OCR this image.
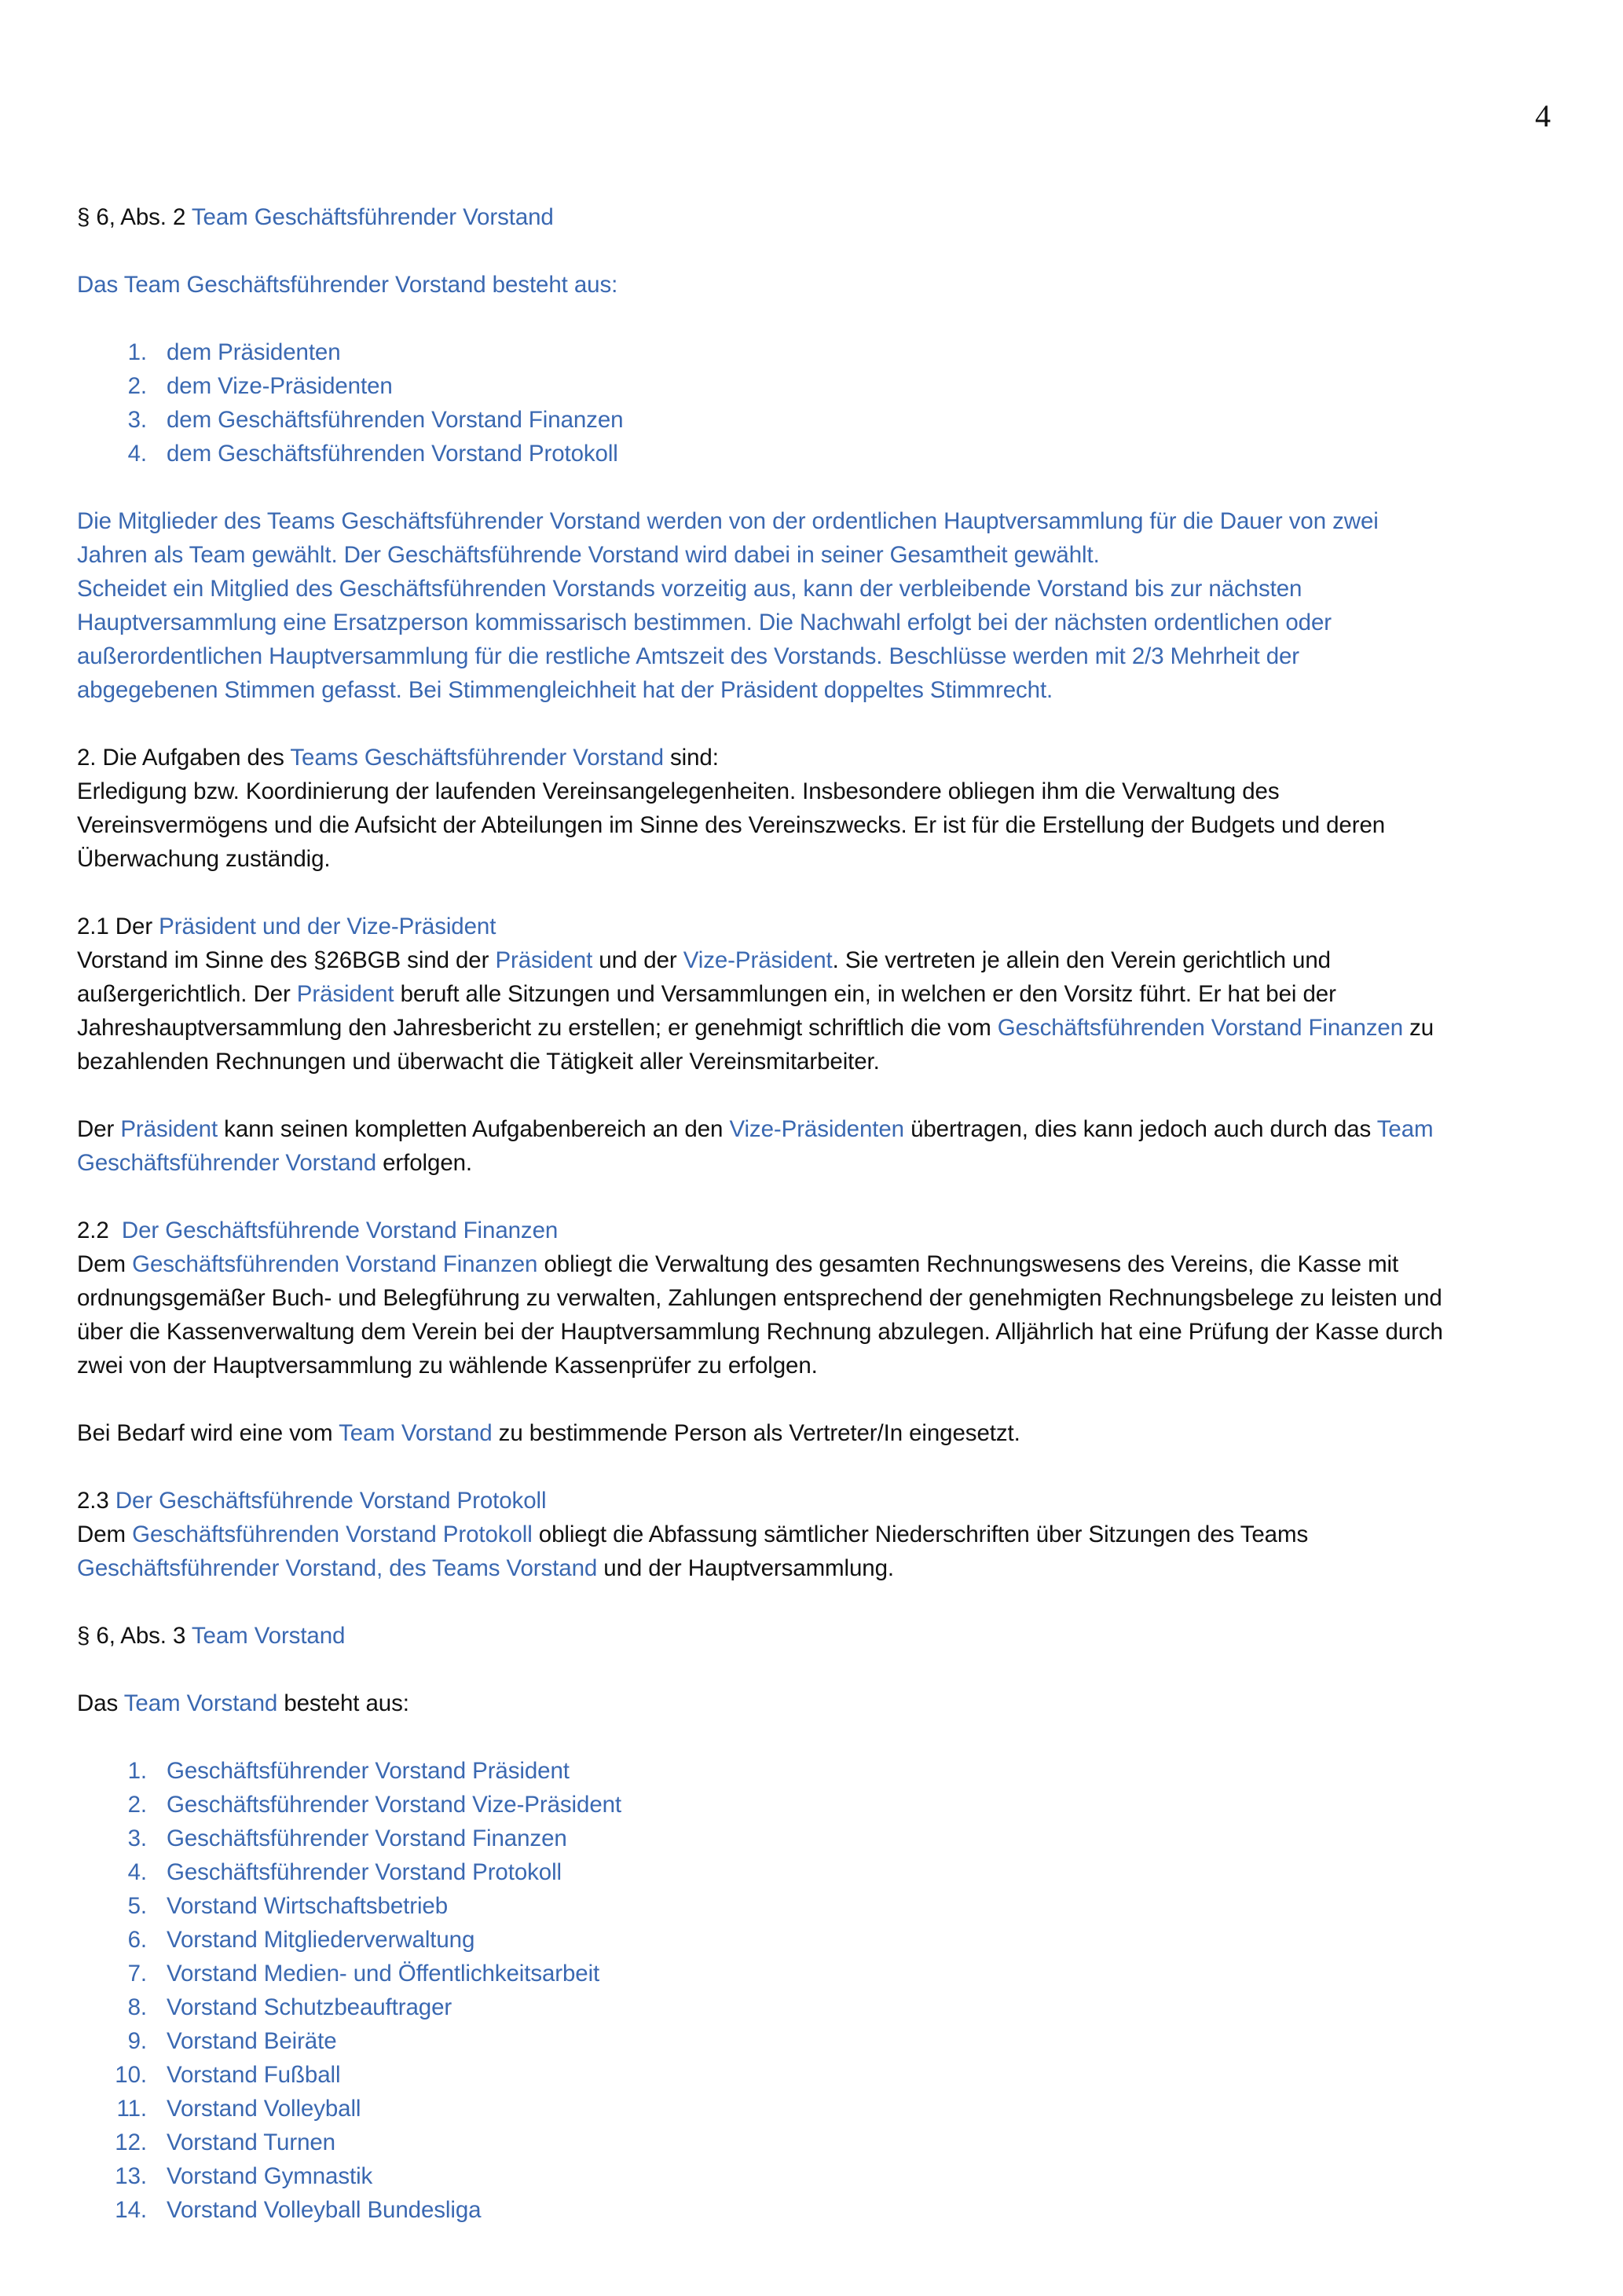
4

§ 6, Abs. 2 Team Geschäftsführender Vorstand

Das Team Geschäftsführender Vorstand besteht aus:

1. dem Präsidenten
2. dem Vize-Präsidenten
3. dem Geschäftsführenden Vorstand Finanzen
4. dem Geschäftsführenden Vorstand Protokoll

Die Mitglieder des Teams Geschäftsführender Vorstand werden von der ordentlichen Hauptversammlung für die Dauer von zwei
Jahren als Team gewählt. Der Geschäftsführende Vorstand wird dabei in seiner Gesamtheit gewählt.
Scheidet ein Mitglied des Geschäftsführenden Vorstands vorzeitig aus, kann der verbleibende Vorstand bis zur nächsten
Hauptversammlung eine Ersatzperson kommissarisch bestimmen. Die Nachwahl erfolgt bei der nächsten ordentlichen oder
außerordentlichen Hauptversammlung für die restliche Amtszeit des Vorstands. Beschlüsse werden mit 2/3 Mehrheit der
abgegebenen Stimmen gefasst. Bei Stimmengleichheit hat der Präsident doppeltes Stimmrecht.

2. Die Aufgaben des Teams Geschäftsführender Vorstand sind:
Erledigung bzw. Koordinierung der laufenden Vereinsangelegenheiten. Insbesondere obliegen ihm die Verwaltung des
Vereinsvermögens und die Aufsicht der Abteilungen im Sinne des Vereinszwecks. Er ist für die Erstellung der Budgets und deren
Überwachung zuständig.

2.1 Der Präsident und der Vize-Präsident
Vorstand im Sinne des §26BGB sind der Präsident und der Vize-Präsident. Sie vertreten je allein den Verein gerichtlich und
außergerichtlich. Der Präsident beruft alle Sitzungen und Versammlungen ein, in welchen er den Vorsitz führt. Er hat bei der
Jahreshauptversammlung den Jahresbericht zu erstellen; er genehmigt schriftlich die vom Geschäftsführenden Vorstand Finanzen zu
bezahlenden Rechnungen und überwacht die Tätigkeit aller Vereinsmitarbeiter.

Der Präsident kann seinen kompletten Aufgabenbereich an den Vize-Präsidenten übertragen, dies kann jedoch auch durch das Team
Geschäftsführender Vorstand erfolgen.

2.2  Der Geschäftsführende Vorstand Finanzen
Dem Geschäftsführenden Vorstand Finanzen obliegt die Verwaltung des gesamten Rechnungswesens des Vereins, die Kasse mit
ordnungsgemäßer Buch- und Belegführung zu verwalten, Zahlungen entsprechend der genehmigten Rechnungsbelege zu leisten und
über die Kassenverwaltung dem Verein bei der Hauptversammlung Rechnung abzulegen. Alljährlich hat eine Prüfung der Kasse durch
zwei von der Hauptversammlung zu wählende Kassenprüfer zu erfolgen.

Bei Bedarf wird eine vom Team Vorstand zu bestimmende Person als Vertreter/In eingesetzt.

2.3 Der Geschäftsführende Vorstand Protokoll
Dem Geschäftsführenden Vorstand Protokoll obliegt die Abfassung sämtlicher Niederschriften über Sitzungen des Teams
Geschäftsführender Vorstand, des Teams Vorstand und der Hauptversammlung.

§ 6, Abs. 3 Team Vorstand

Das Team Vorstand besteht aus:

1. Geschäftsführender Vorstand Präsident
2. Geschäftsführender Vorstand Vize-Präsident
3. Geschäftsführender Vorstand Finanzen
4. Geschäftsführender Vorstand Protokoll
5. Vorstand Wirtschaftsbetrieb
6. Vorstand Mitgliederverwaltung
7. Vorstand Medien- und Öffentlichkeitsarbeit
8. Vorstand Schutzbeauftrager
9. Vorstand Beiräte
10. Vorstand Fußball
11. Vorstand Volleyball
12. Vorstand Turnen
13. Vorstand Gymnastik
14. Vorstand Volleyball Bundesliga
